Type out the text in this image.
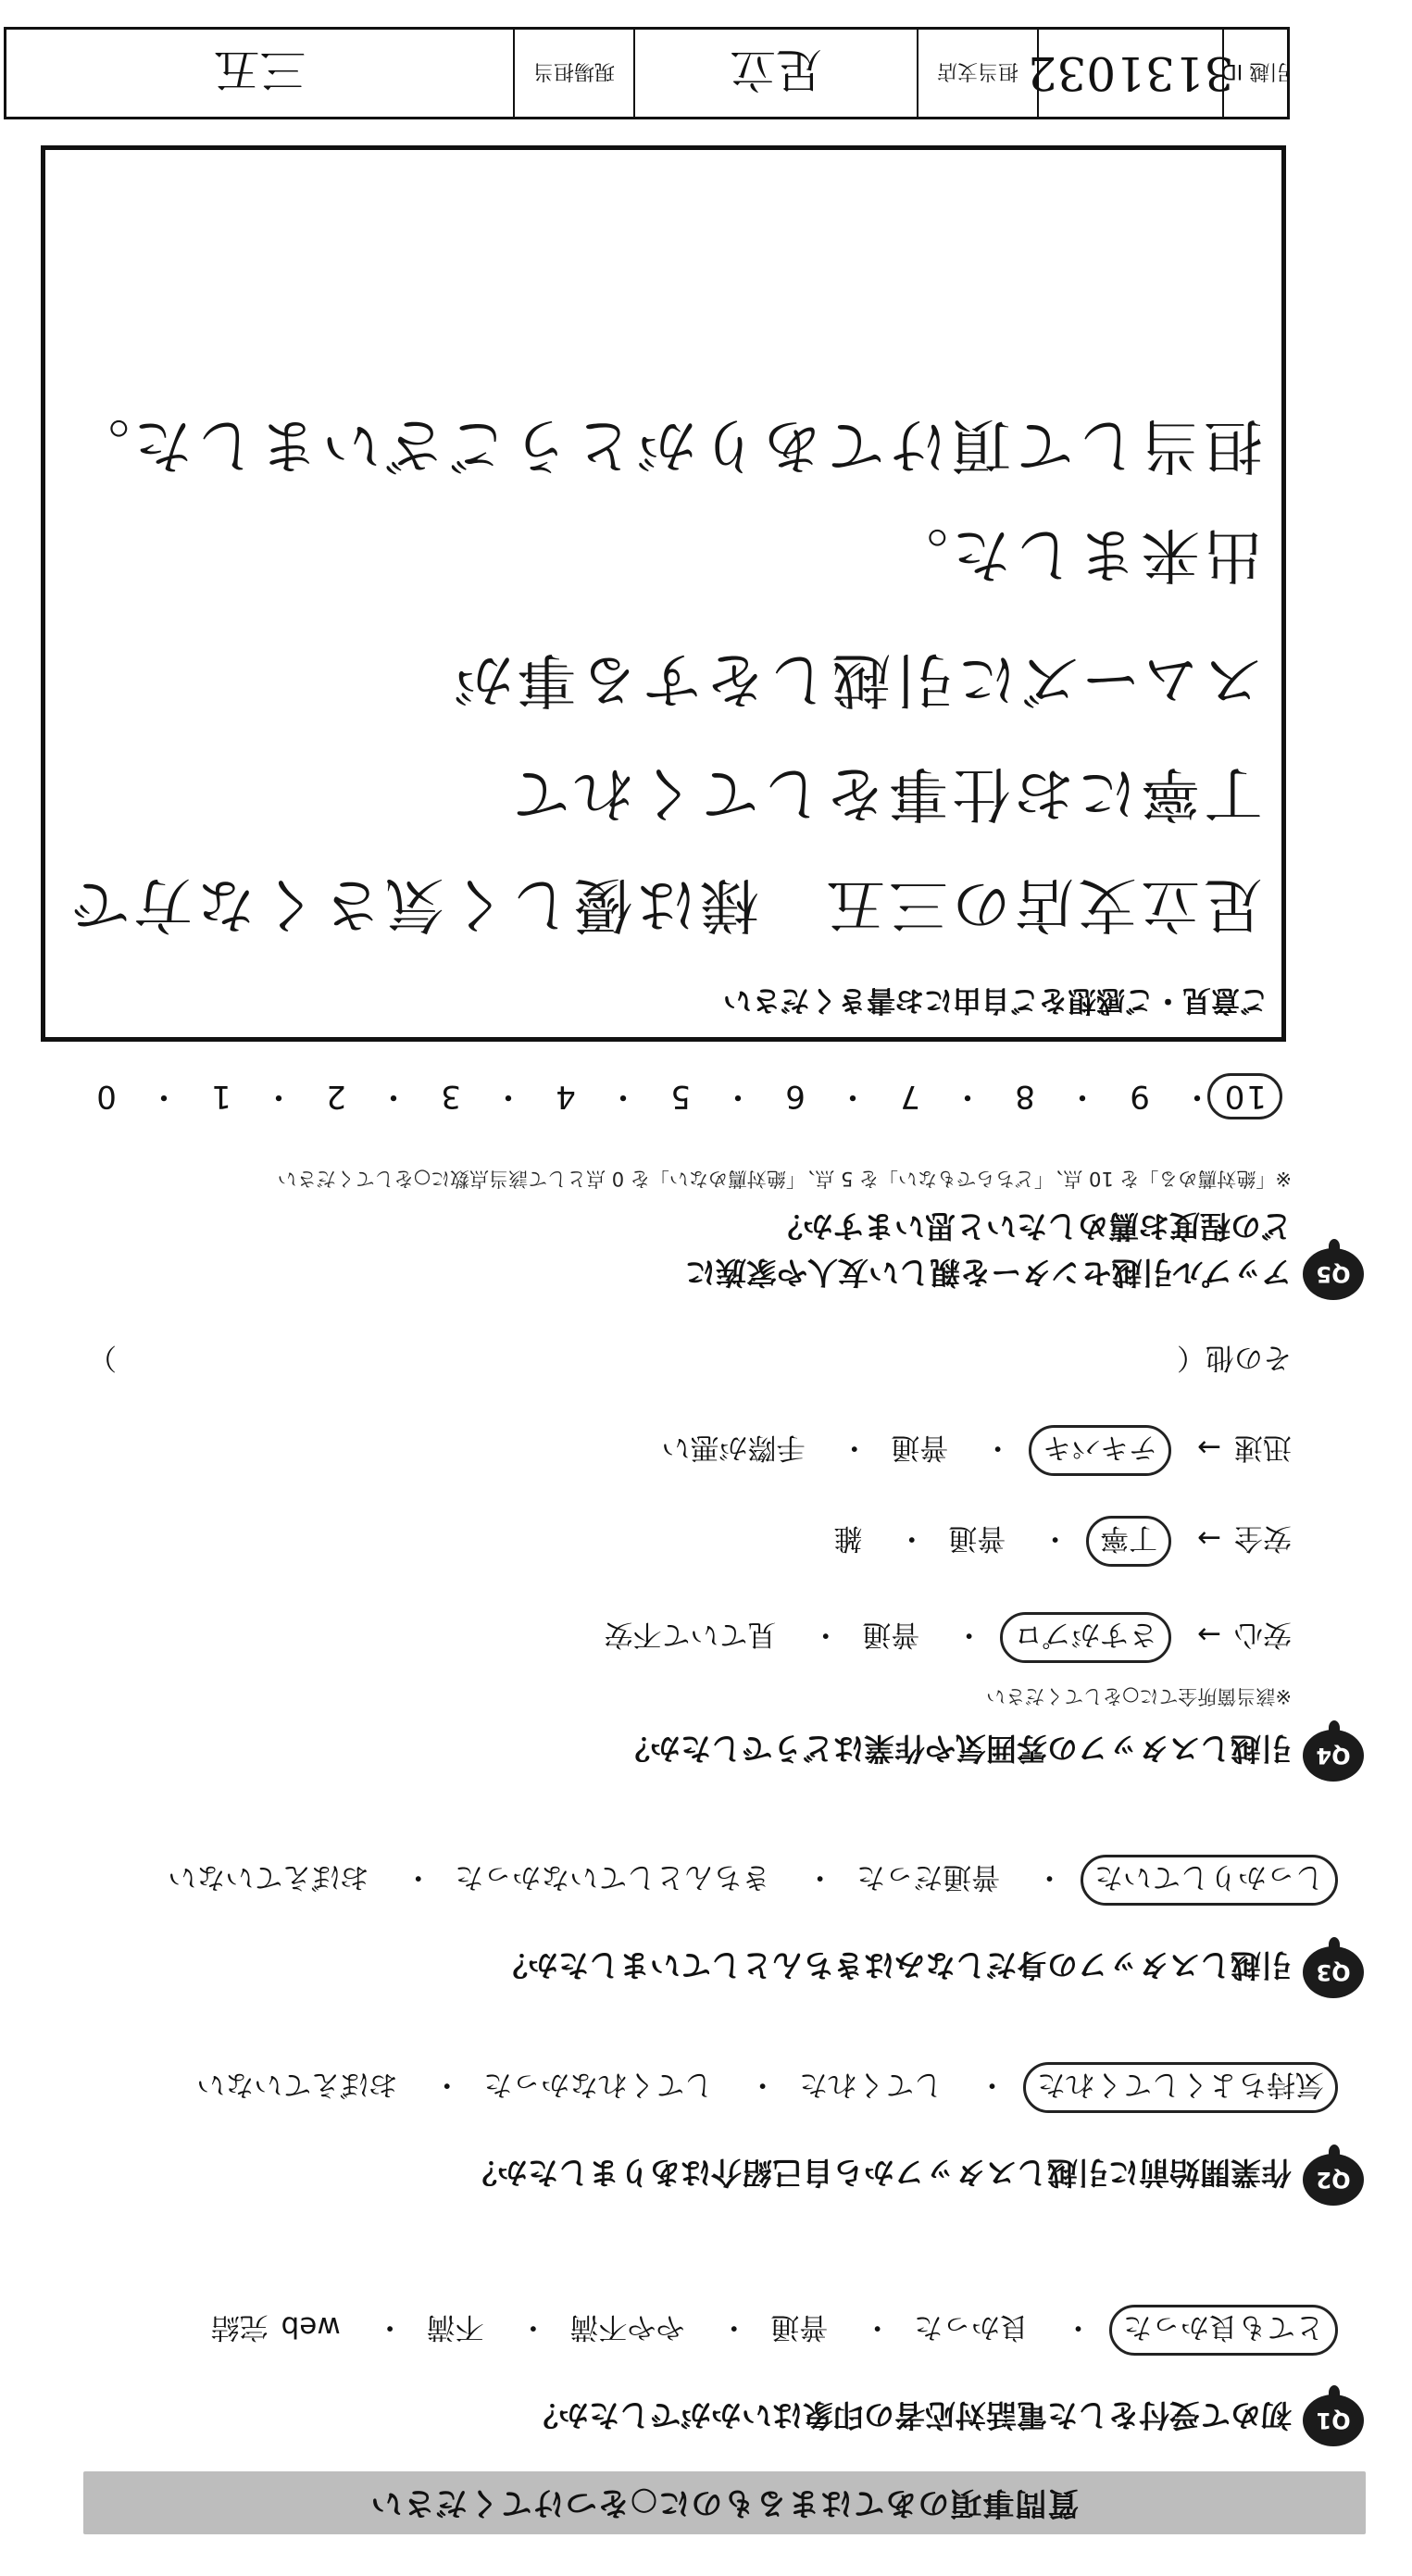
質問事項のあてはまるものに○をつけてください
Q1
初めて受付をした電話対応者の印象はいかがでしたか？
とても良かった・ 良かった・ 普通・ やや不満・ 不満・ web 完結
Q2
作業開始前に引越しスタッフから自己紹介はありましたか？
気持ちよくしてくれた・ してくれた・ してくれなかった・ おぼえていない
Q3
引越しスタッフの身だしなみはきちんとしていましたか？
しっかりしていた・ 普通だった・ きちんとしていなかった・ おぼえていない
Q4
引越しスタッフの雰囲気や作業はどうでしたか？
※該当箇所全てに○をしてください
安心→ さすがプロ・ 普通・ 見ていて不安
安全→ 丁寧・ 普通・ 雑
迅速→ テキパキ・ 普通・ 手際が悪い
その他（
）
Q5
アップル引越センターを親しい友人や家族に
どの程度お薦めしたいと思いますか？
※「絶対薦める」を 10 点、「どちらでもない」を 5 点、「絶対薦めない」を 0 点として該当点数に○をしてください
10・9・8・7・6・5・4・3・2・1・0
ご意見・ご感想をご自由にお書きください
足立支店の三五　様は優しく気さくな方で
丁寧にお仕事をしてくれて
スムーズに引越しをする事が
出来ました。
担当して頂けてありがとうございました。
引越 ID
3131032
担当支店
足立
現場担当
三五
